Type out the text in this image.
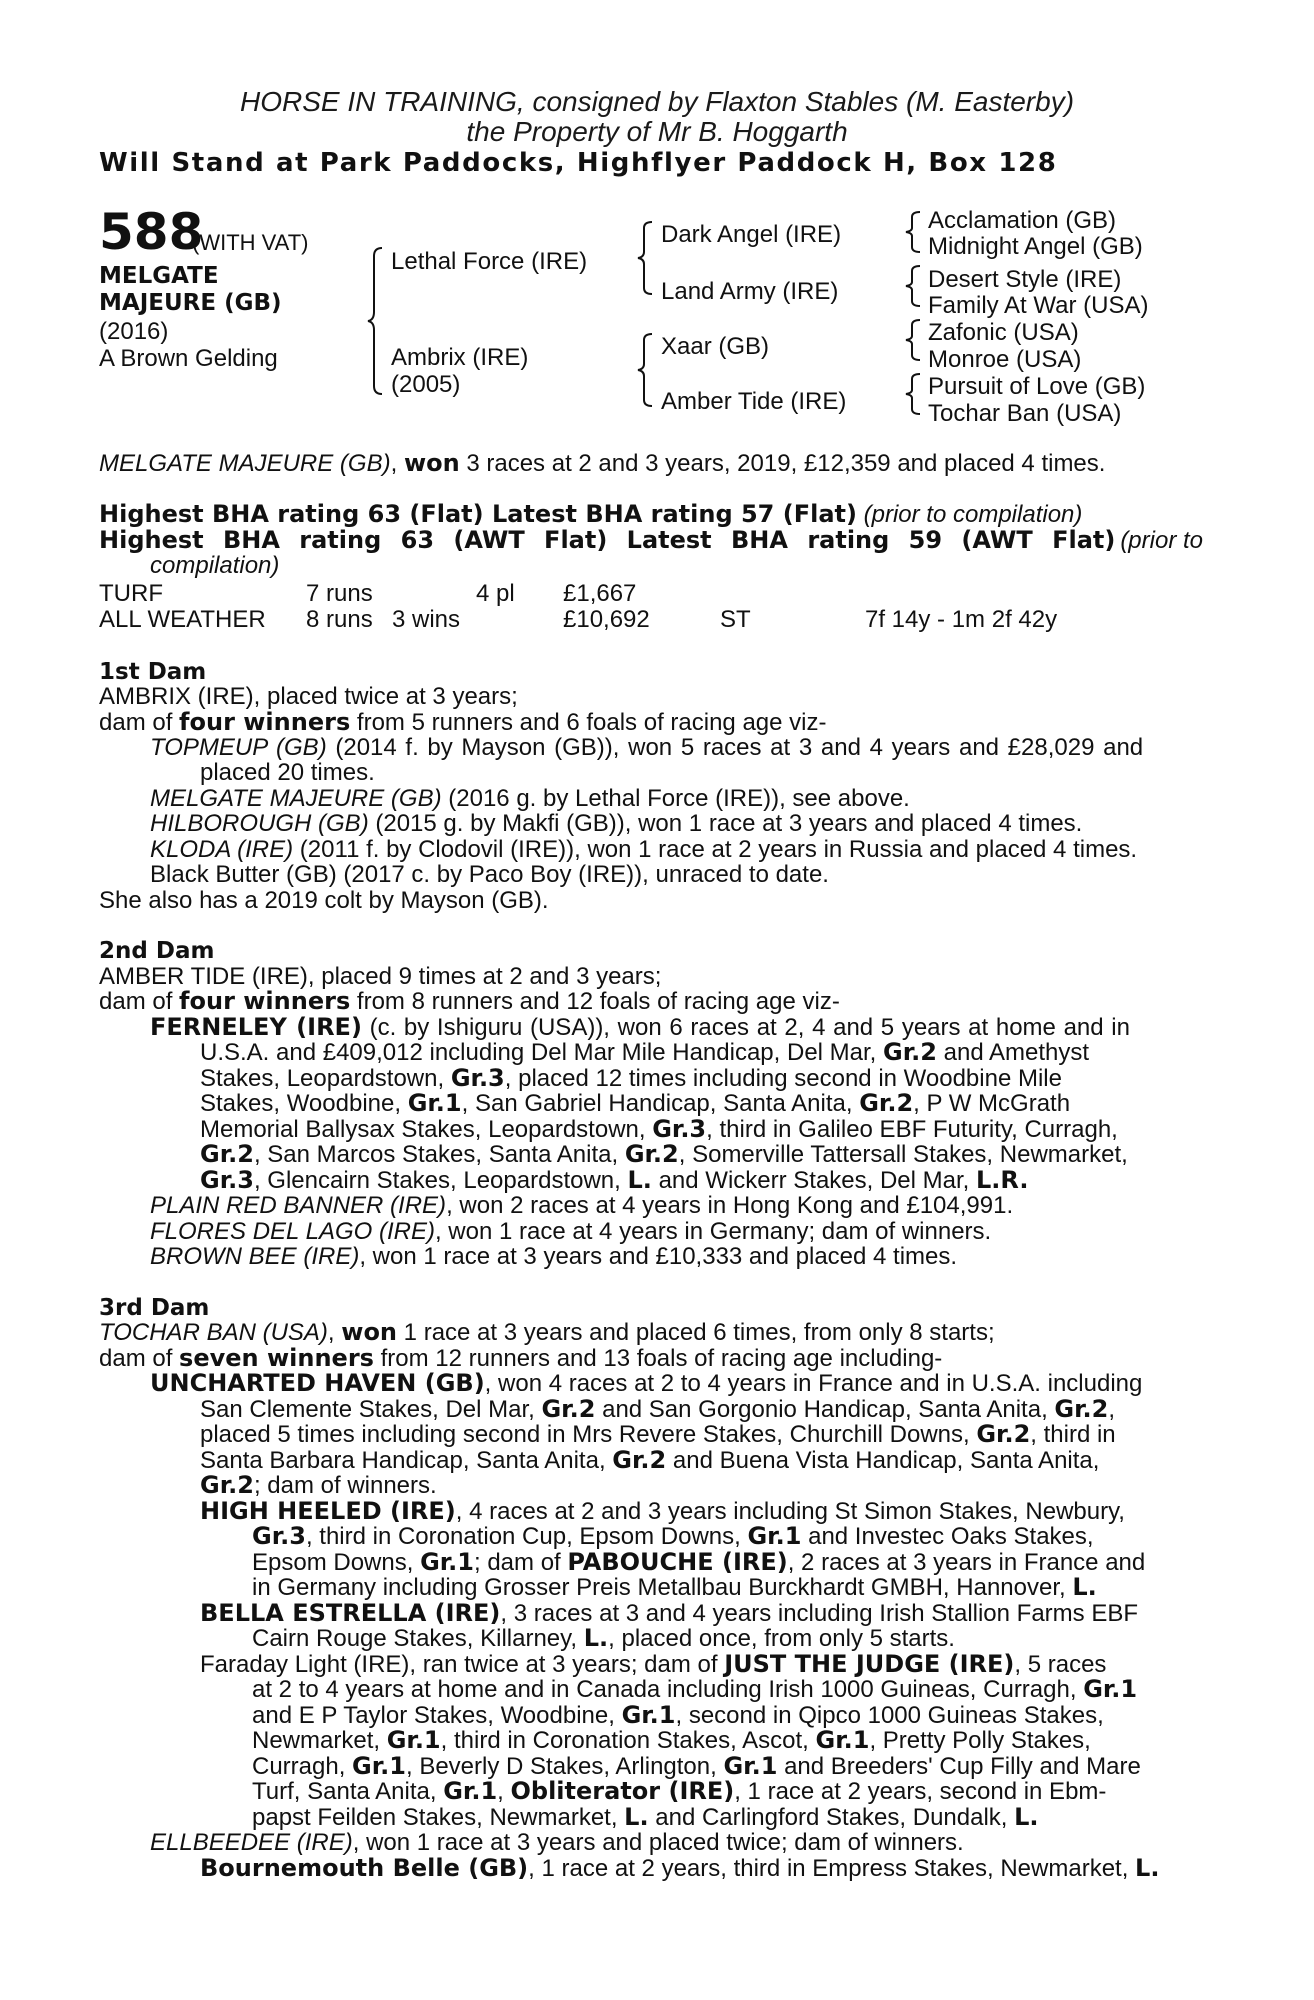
HORSE IN TRAINING, consigned by Flaxton Stables (M. Easterby)
the Property of Mr B. Hoggarth
Will Stand at Park Paddocks, Highflyer Paddock H, Box 128
588
(WITH VAT)
MELGATE
MAJEURE (GB)
(2016)
A Brown Gelding
Lethal Force (IRE)
Ambrix (IRE)
(2005)
Dark Angel (IRE)
Land Army (IRE)
Xaar (GB)
Amber Tide (IRE)
Acclamation (GB)
Midnight Angel (GB)
Desert Style (IRE)
Family At War (USA)
Zafonic (USA)
Monroe (USA)
Pursuit of Love (GB)
Tochar Ban (USA)
MELGATE MAJEURE (GB), won 3 races at 2 and 3 years, 2019, £12,359 and placed 4 times.
Highest BHA rating 63 (Flat) Latest BHA rating 57 (Flat) (prior to compilation)
Highest BHA rating 63 (AWT Flat) Latest BHA rating 59 (AWT Flat) (prior to
compilation)
TURF	7 runs	4 pl £1,667
ALL WEATHER 8 runs 3 wins	£10,692	ST	7f 14y - 1m 2f 42y
1st Dam
AMBRIX (IRE), placed twice at 3 years;
dam of four winners from 5 runners and 6 foals of racing age viz-
TOPMEUP (GB) (2014 f. by Mayson (GB)), won 5 races at 3 and 4 years and £28,029 and
placed 20 times.
MELGATE MAJEURE (GB) (2016 g. by Lethal Force (IRE)), see above.
HILBOROUGH (GB) (2015 g. by Makfi (GB)), won 1 race at 3 years and placed 4 times.
KLODA (IRE) (2011 f. by Clodovil (IRE)), won 1 race at 2 years in Russia and placed 4 times.
Black Butter (GB) (2017 c. by Paco Boy (IRE)), unraced to date.
She also has a 2019 colt by Mayson (GB).
2nd Dam
AMBER TIDE (IRE), placed 9 times at 2 and 3 years;
dam of four winners from 8 runners and 12 foals of racing age viz-
FERNELEY (IRE) (c. by Ishiguru (USA)), won 6 races at 2, 4 and 5 years at home and in
U.S.A. and £409,012 including Del Mar Mile Handicap, Del Mar, Gr.2 and Amethyst
Stakes, Leopardstown, Gr.3, placed 12 times including second in Woodbine Mile
Stakes, Woodbine, Gr.1, San Gabriel Handicap, Santa Anita, Gr.2, P W McGrath
Memorial Ballysax Stakes, Leopardstown, Gr.3, third in Galileo EBF Futurity, Curragh,
Gr.2, San Marcos Stakes, Santa Anita, Gr.2, Somerville Tattersall Stakes, Newmarket,
Gr.3, Glencairn Stakes, Leopardstown, L. and Wickerr Stakes, Del Mar, L.R.
PLAIN RED BANNER (IRE), won 2 races at 4 years in Hong Kong and £104,991.
FLORES DEL LAGO (IRE), won 1 race at 4 years in Germany; dam of winners.
BROWN BEE (IRE), won 1 race at 3 years and £10,333 and placed 4 times.
3rd Dam
TOCHAR BAN (USA), won 1 race at 3 years and placed 6 times, from only 8 starts;
dam of seven winners from 12 runners and 13 foals of racing age including-
UNCHARTED HAVEN (GB), won 4 races at 2 to 4 years in France and in U.S.A. including
San Clemente Stakes, Del Mar, Gr.2 and San Gorgonio Handicap, Santa Anita, Gr.2,
placed 5 times including second in Mrs Revere Stakes, Churchill Downs, Gr.2, third in
Santa Barbara Handicap, Santa Anita, Gr.2 and Buena Vista Handicap, Santa Anita,
Gr.2; dam of winners.
HIGH HEELED (IRE), 4 races at 2 and 3 years including St Simon Stakes, Newbury,
Gr.3, third in Coronation Cup, Epsom Downs, Gr.1 and Investec Oaks Stakes,
Epsom Downs, Gr.1; dam of PABOUCHE (IRE), 2 races at 3 years in France and
in Germany including Grosser Preis Metallbau Burckhardt GMBH, Hannover, L.
BELLA ESTRELLA (IRE), 3 races at 3 and 4 years including Irish Stallion Farms EBF
Cairn Rouge Stakes, Killarney, L., placed once, from only 5 starts.
Faraday Light (IRE), ran twice at 3 years; dam of JUST THE JUDGE (IRE), 5 races
at 2 to 4 years at home and in Canada including Irish 1000 Guineas, Curragh, Gr.1
and E P Taylor Stakes, Woodbine, Gr.1, second in Qipco 1000 Guineas Stakes,
Newmarket, Gr.1, third in Coronation Stakes, Ascot, Gr.1, Pretty Polly Stakes,
Curragh, Gr.1, Beverly D Stakes, Arlington, Gr.1 and Breeders' Cup Filly and Mare
Turf, Santa Anita, Gr.1, Obliterator (IRE), 1 race at 2 years, second in Ebm-
papst Feilden Stakes, Newmarket, L. and Carlingford Stakes, Dundalk, L.
ELLBEEDEE (IRE), won 1 race at 3 years and placed twice; dam of winners.
Bournemouth Belle (GB), 1 race at 2 years, third in Empress Stakes, Newmarket, L.
